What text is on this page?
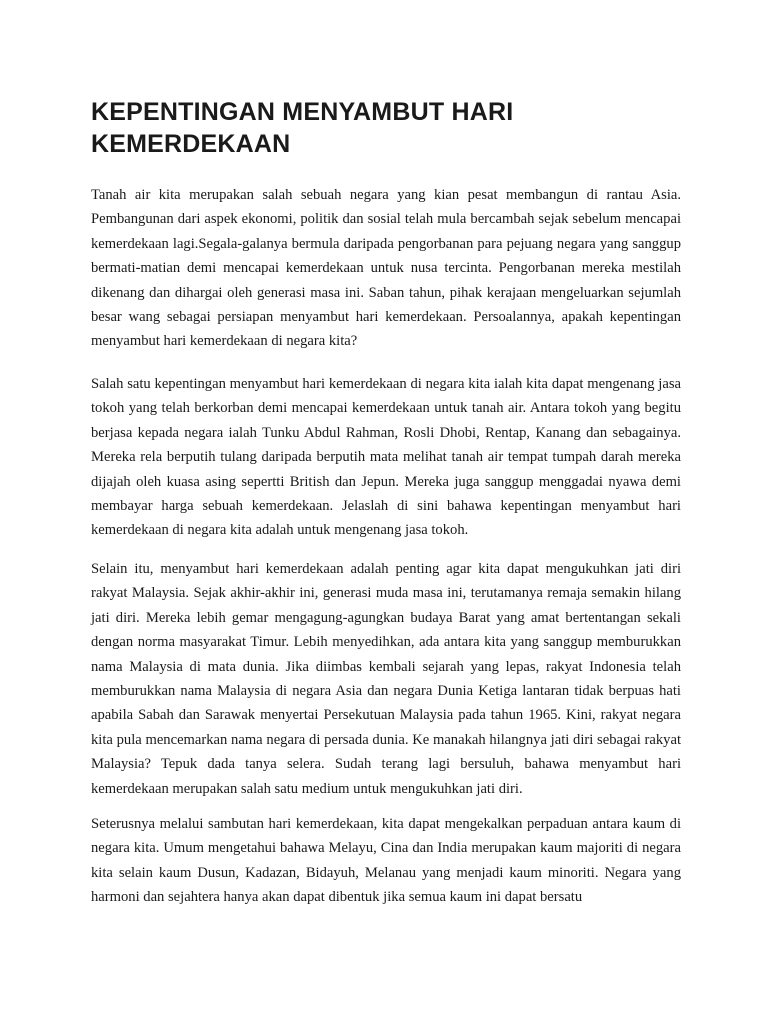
KEPENTINGAN MENYAMBUT HARI KEMERDEKAAN

Tanah air kita merupakan salah sebuah negara yang kian pesat membangun di rantau Asia. Pembangunan dari aspek ekonomi, politik dan sosial telah mula bercambah sejak sebelum mencapai kemerdekaan lagi.Segala-galanya bermula daripada pengorbanan para pejuang negara yang sanggup bermati-matian demi mencapai kemerdekaan untuk nusa tercinta. Pengorbanan mereka mestilah dikenang dan dihargai oleh generasi masa ini. Saban tahun, pihak kerajaan mengeluarkan sejumlah besar wang sebagai persiapan menyambut hari kemerdekaan. Persoalannya, apakah kepentingan menyambut hari kemerdekaan di negara kita?

Salah satu kepentingan menyambut hari kemerdekaan di negara kita ialah kita dapat mengenang jasa tokoh yang telah berkorban demi mencapai kemerdekaan untuk tanah air. Antara tokoh yang begitu berjasa kepada negara ialah Tunku Abdul Rahman, Rosli Dhobi, Rentap, Kanang dan sebagainya. Mereka rela berputih tulang daripada berputih mata melihat tanah air tempat tumpah darah mereka dijajah oleh kuasa asing sepertti British dan Jepun. Mereka juga sanggup menggadai nyawa demi membayar harga sebuah kemerdekaan. Jelaslah di sini bahawa kepentingan menyambut hari kemerdekaan di negara kita adalah untuk mengenang jasa tokoh.

Selain itu, menyambut hari kemerdekaan adalah penting agar kita dapat mengukuhkan jati diri rakyat Malaysia. Sejak akhir-akhir ini, generasi muda masa ini, terutamanya remaja semakin hilang jati diri. Mereka lebih gemar mengagung-agungkan budaya Barat yang amat bertentangan sekali dengan norma masyarakat Timur. Lebih menyedihkan, ada antara kita yang sanggup memburukkan nama Malaysia di mata dunia. Jika diimbas kembali sejarah yang lepas, rakyat Indonesia telah memburukkan nama Malaysia di negara Asia dan negara Dunia Ketiga lantaran tidak berpuas hati apabila Sabah dan Sarawak menyertai Persekutuan Malaysia pada tahun 1965. Kini, rakyat negara kita pula mencemarkan nama negara di persada dunia. Ke manakah hilangnya jati diri sebagai rakyat Malaysia? Tepuk dada tanya selera. Sudah terang lagi bersuluh, bahawa menyambut hari kemerdekaan merupakan salah satu medium untuk mengukuhkan jati diri.

Seterusnya melalui sambutan hari kemerdekaan, kita dapat mengekalkan perpaduan antara kaum di negara kita. Umum mengetahui bahawa Melayu, Cina dan India merupakan kaum majoriti di negara kita selain kaum Dusun, Kadazan, Bidayuh, Melanau yang menjadi kaum minoriti. Negara yang harmoni dan sejahtera hanya akan dapat dibentuk jika semua kaum ini dapat bersatu
